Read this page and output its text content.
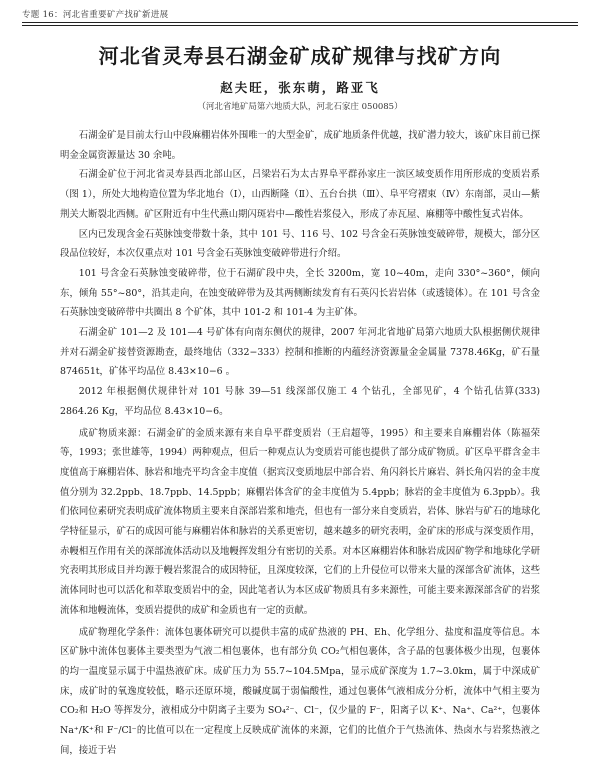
专题 16：河北省重要矿产找矿新进展
河北省灵寿县石湖金矿成矿规律与找矿方向
赵夫旺，张东萌，路亚飞
（河北省地矿局第六地质大队，河北石家庄 050085）

石湖金矿是目前太行山中段麻棚岩体外围唯一的大型金矿，成矿地质条件优越，找矿潜力较大，该矿床目前已探明金金属资源量达 30 余吨。

石湖金矿位于河北省灵寿县西北部山区，吕梁岩石为太古界阜平群孙家庄一滨区域变质作用所形成的变质岩系（图 1），所处大地构造位置为华北地台（Ⅰ），山西断隆（Ⅱ）、五台台拱（Ⅲ）、阜平穹褶束（Ⅳ）东南部，灵山—紫荆关大断裂北西侧。矿区附近有中生代燕山期闪斑岩中—酸性岩浆侵入，形成了赤瓦屋、麻棚等中酸性复式岩体。

区内已发现含金石英脉蚀变带数十条，其中 101 号、116 号、102 号含金石英脉蚀变破碎带，规模大，部分区段品位较好，本次仅重点对 101 号含金石英脉蚀变破碎带进行介绍。

101 号含金石英脉蚀变破碎带，位于石湖矿段中央，全长 3200m，宽 10~40m，走向 330°~360°，倾向东，倾角 55°~80°，沿其走向，在蚀变破碎带为及其两侧断续发育有石英闪长岩岩体（或透镜体）。在 101 号含金石英脉蚀变破碎带中共圈出 8 个矿体，其中 101-2 和 101-4 为主矿体。

石湖金矿 101—2 及 101—4 号矿体有向南东侧伏的规律，2007 年河北省地矿局第六地质大队根据侧伏规律并对石湖金矿接替资源勘查，最终地估（332−333）控制和推断的内蕴经济资源量金金属量 7378.46Kg，矿石量 874651t，矿体平均品位 8.43×10−6 。

2012 年根据侧伏规律针对 101 号脉 39—51 线深部仅施工 4 个钻孔，全部见矿，4 个钻孔估算(333) 2864.26 Kg，平均品位 8.43×10−6。

成矿物质来源：石湖金矿的金质来源有来自阜平群变质岩（王启超等，1995）和主要来自麻棚岩体（陈福荣等，1993；张世雄等，1994）两种观点，但后一种观点认为变质岩可能也提供了部分成矿物质。矿区阜平群含金丰度值高于麻棚岩体、脉岩和地壳平均含金丰度值（据宾汉变质地层中部合岩、角闪斜长片麻岩、斜长角闪岩的金丰度值分别为 32.2ppb、18.7ppb、14.5ppb；麻棚岩体含矿的金丰度值为 5.4ppb；脉岩的金丰度值为 6.3ppb）。我们依同位素研究表明成矿流体物质主要来自深部岩浆和地壳，但也有一部分来自变质岩，岩体、脉岩与矿石的地球化学特征显示，矿石的成因可能与麻棚岩体和脉岩的关系更密切，越来越多的研究表明，金矿床的形成与深变质作用，赤幔相互作用有关的深部流体活动以及地幔挥发组分有密切的关系。对本区麻棚岩体和脉岩成因矿物学和地球化学研究表明其形成目并均源于幔岩浆混合的成因特征，且深度较深，它们的上升侵位可以带来大量的深部含矿流体，这些流体同时也可以活化和萃取变质岩中的金，因此笔者认为本区成矿物质具有多来源性，可能主要来源深部含矿的岩浆流体和地幔流体，变质岩提供的成矿和金质也有一定的贡献。

成矿物理化学条件：流体包裹体研究可以提供丰富的成矿热液的 PH、Eh、化学组分、盐度和温度等信息。本区矿脉中流体包裹体主要类型为气液二相包裹体，也有部分负 CO₂气相包裹体，含子晶的包裹体极少出现，包裹体的均一温度显示属于中温热液矿床。成矿压力为 55.7~104.5Mpa，显示成矿深度为 1.7~3.0km，属于中深成矿床，成矿时的氧逸度较低，略示还原环境，酸碱度属于弱偏酸性，通过包裹体气液相成分分析，流体中气相主要为 CO₂和 H₂O 等挥发分，液相成分中阴离子主要为 SO₄²⁻、Cl⁻，仅少量的 F⁻，阳离子以 K⁺、Na⁺、Ca²⁺，包裹体 Na⁺/K⁺和 F⁻/Cl⁻的比值可以在一定程度上反映成矿流体的来源，它们的比值介于气热流体、热卤水与岩浆热液之间，接近于岩
